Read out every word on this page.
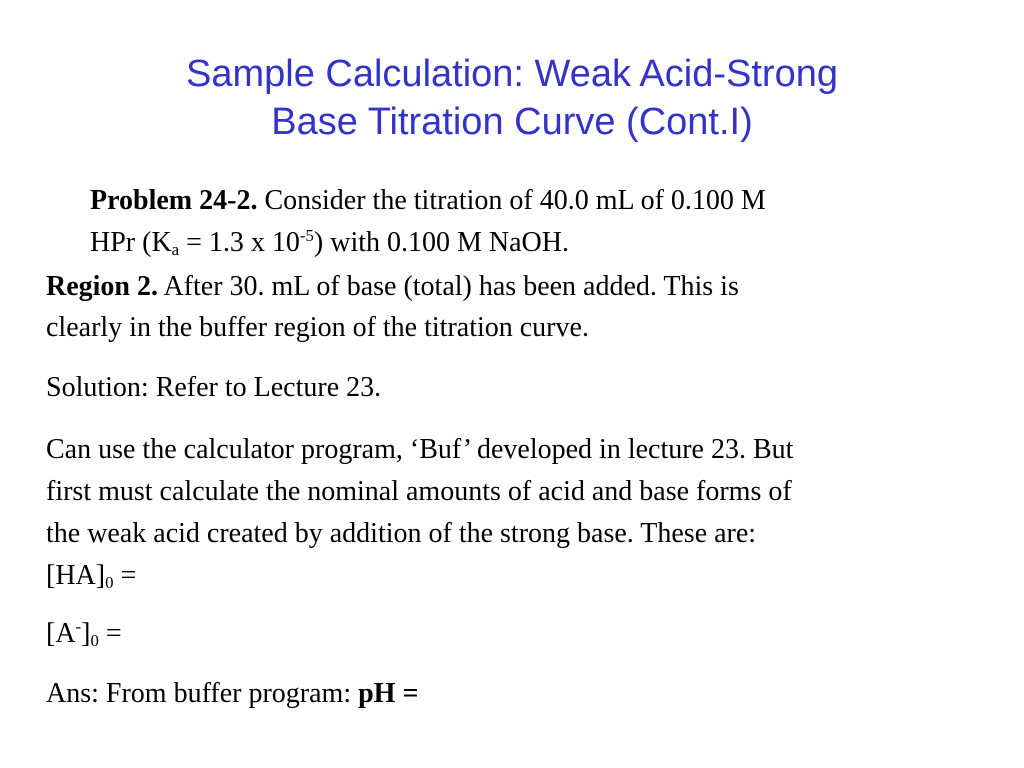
Sample Calculation: Weak Acid-Strong
Base Titration Curve (Cont.I)
Problem 24-2. Consider the titration of 40.0 mL of 0.100 M
HPr ($K_a = 1.3$ x $10^{-5}$) with 0.100 M NaOH.
Region 2. After 30. mL of base (total) has been added. This is
clearly in the buffer region of the titration curve.
Solution: Refer to Lecture 23.
Can use the calculator program, ‘Buf’ developed in lecture 23. But
first must calculate the nominal amounts of acid and base forms of
the weak acid created by addition of the strong base. These are:
$[HA]_0$ =
$[A^-]_0$ =
Ans: From buffer program: pH =
